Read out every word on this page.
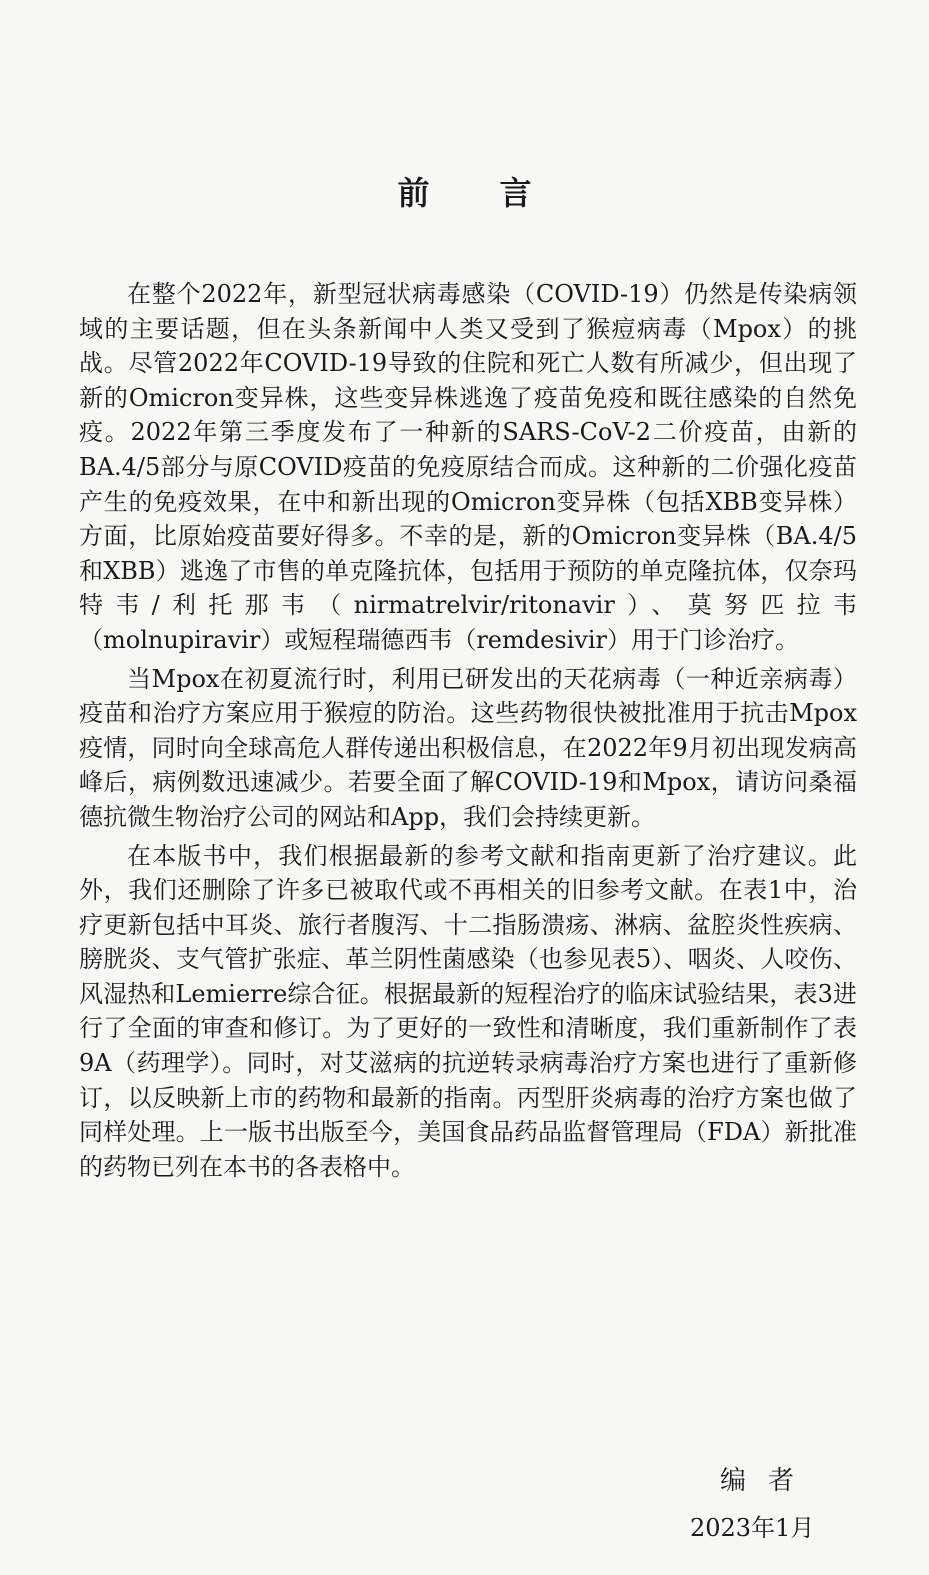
前言

在整个2022年，新型冠状病毒感染（COVID-19）仍然是传染病领域的主要话题，但在头条新闻中人类又受到了猴痘病毒（Mpox）的挑战。尽管2022年COVID-19导致的住院和死亡人数有所减少，但出现了新的Omicron变异株，这些变异株逃逸了疫苗免疫和既往感染的自然免疫。2022年第三季度发布了一种新的SARS-CoV-2二价疫苗，由新的BA.4/5部分与原COVID疫苗的免疫原结合而成。这种新的二价强化疫苗产生的免疫效果，在中和新出现的Omicron变异株（包括XBB变异株）方面，比原始疫苗要好得多。不幸的是，新的Omicron变异株（BA.4/5和XBB）逃逸了市售的单克隆抗体，包括用于预防的单克隆抗体，仅奈玛特韦/利托那韦（nirmatrelvir/ritonavir）、莫努匹拉韦（molnupiravir）或短程瑞德西韦（remdesivir）用于门诊治疗。

当Mpox在初夏流行时，利用已研发出的天花病毒（一种近亲病毒）疫苗和治疗方案应用于猴痘的防治。这些药物很快被批准用于抗击Mpox疫情，同时向全球高危人群传递出积极信息，在2022年9月初出现发病高峰后，病例数迅速减少。若要全面了解COVID-19和Mpox，请访问桑福德抗微生物治疗公司的网站和App，我们会持续更新。

在本版书中，我们根据最新的参考文献和指南更新了治疗建议。此外，我们还删除了许多已被取代或不再相关的旧参考文献。在表1中，治疗更新包括中耳炎、旅行者腹泻、十二指肠溃疡、淋病、盆腔炎性疾病、膀胱炎、支气管扩张症、革兰阴性菌感染（也参见表5）、咽炎、人咬伤、风湿热和Lemierre综合征。根据最新的短程治疗的临床试验结果，表3进行了全面的审查和修订。为了更好的一致性和清晰度，我们重新制作了表9A（药理学）。同时，对艾滋病的抗逆转录病毒治疗方案也进行了重新修订，以反映新上市的药物和最新的指南。丙型肝炎病毒的治疗方案也做了同样处理。上一版书出版至今，美国食品药品监督管理局（FDA）新批准的药物已列在本书的各表格中。

编者
2023年1月
